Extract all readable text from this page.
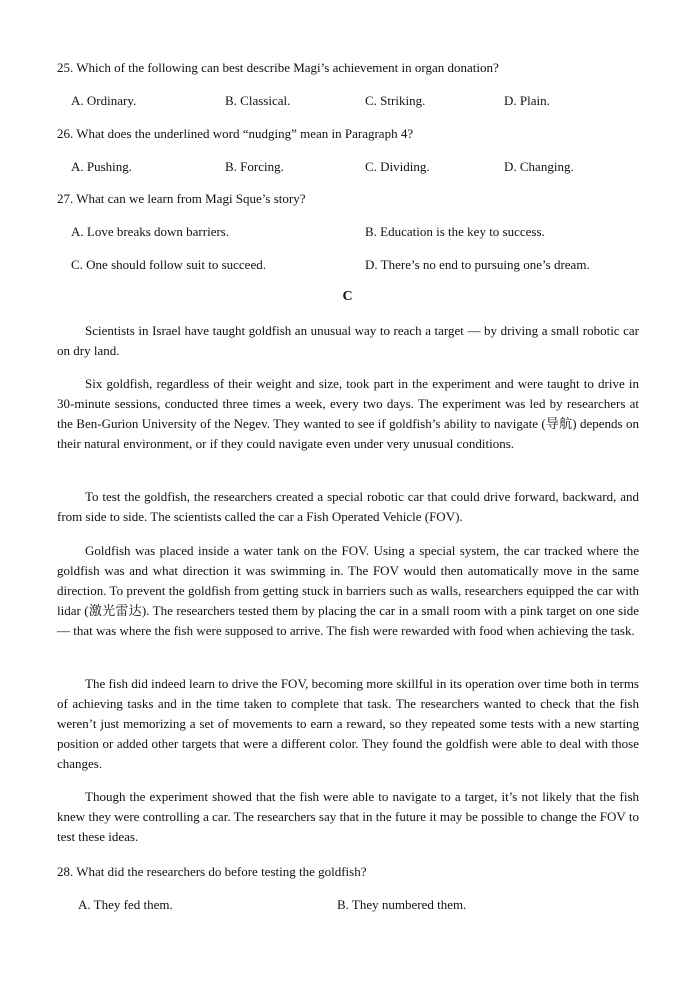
25. Which of the following can best describe Magi’s achievement in organ donation?
A. Ordinary.	B. Classical.	C. Striking.	D. Plain.
26. What does the underlined word “nudging” mean in Paragraph 4?
A. Pushing.	B. Forcing.	C. Dividing.	D. Changing.
27. What can we learn from Magi Sque’s story?
A. Love breaks down barriers.	B. Education is the key to success.
C. One should follow suit to succeed.	D. There’s no end to pursuing one’s dream.
C

Scientists in Israel have taught goldfish an unusual way to reach a target — by driving a small robotic car on dry land.

Six goldfish, regardless of their weight and size, took part in the experiment and were taught to drive in 30-minute sessions, conducted three times a week, every two days. The experiment was led by researchers at the Ben-Gurion University of the Negev. They wanted to see if goldfish’s ability to navigate (导航) depends on their natural environment, or if they could navigate even under very unusual conditions.

To test the goldfish, the researchers created a special robotic car that could drive forward, backward, and from side to side. The scientists called the car a Fish Operated Vehicle (FOV).

Goldfish was placed inside a water tank on the FOV. Using a special system, the car tracked where the goldfish was and what direction it was swimming in. The FOV would then automatically move in the same direction. To prevent the goldfish from getting stuck in barriers such as walls, researchers equipped the car with lidar (激光雷达). The researchers tested them by placing the car in a small room with a pink target on one side — that was where the fish were supposed to arrive. The fish were rewarded with food when achieving the task.

The fish did indeed learn to drive the FOV, becoming more skillful in its operation over time both in terms of achieving tasks and in the time taken to complete that task. The researchers wanted to check that the fish weren’t just memorizing a set of movements to earn a reward, so they repeated some tests with a new starting position or added other targets that were a different color. They found the goldfish were able to deal with those changes.

Though the experiment showed that the fish were able to navigate to a target, it’s not likely that the fish knew they were controlling a car. The researchers say that in the future it may be possible to change the FOV to test these ideas.

28. What did the researchers do before testing the goldfish?
A. They fed them.	B. They numbered them.
